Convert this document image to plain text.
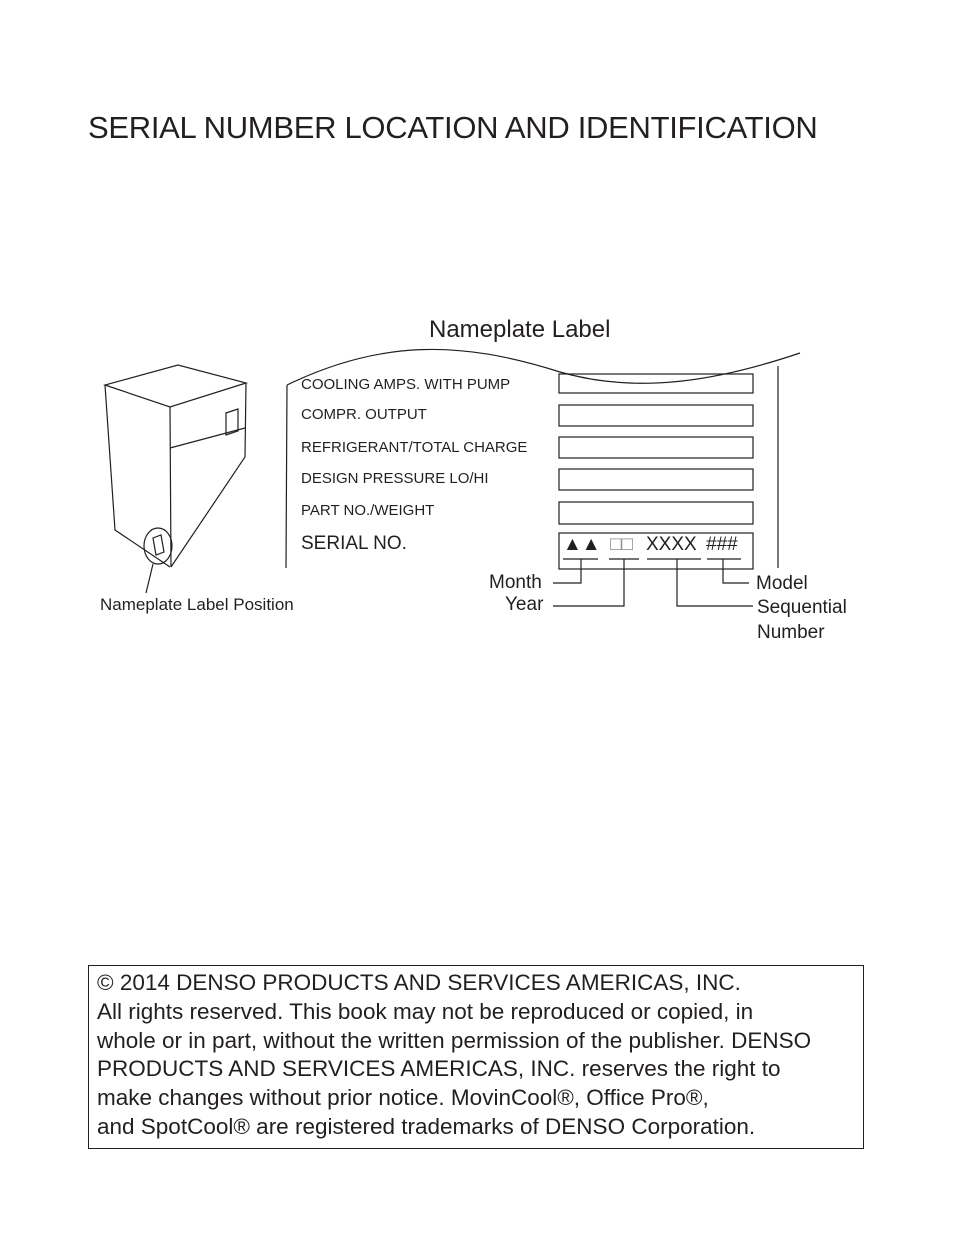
SERIAL NUMBER LOCATION AND IDENTIFICATION
Nameplate Label
COOLING AMPS. WITH PUMP
COMPR. OUTPUT
REFRIGERANT/TOTAL CHARGE
DESIGN PRESSURE LO/HI
PART NO./WEIGHT
SERIAL NO.	▲▲ □□ XXXX ###
Month
Year
Model
Sequential
Number
Nameplate Label Position
© 2014 DENSO PRODUCTS AND SERVICES AMERICAS, INC.
All rights reserved. This book may not be reproduced or copied, in
whole or in part, without the written permission of the publisher. DENSO
PRODUCTS AND SERVICES AMERICAS, INC. reserves the right to
make changes without prior notice. MovinCool®, Office Pro®,
and SpotCool® are registered trademarks of DENSO Corporation.
